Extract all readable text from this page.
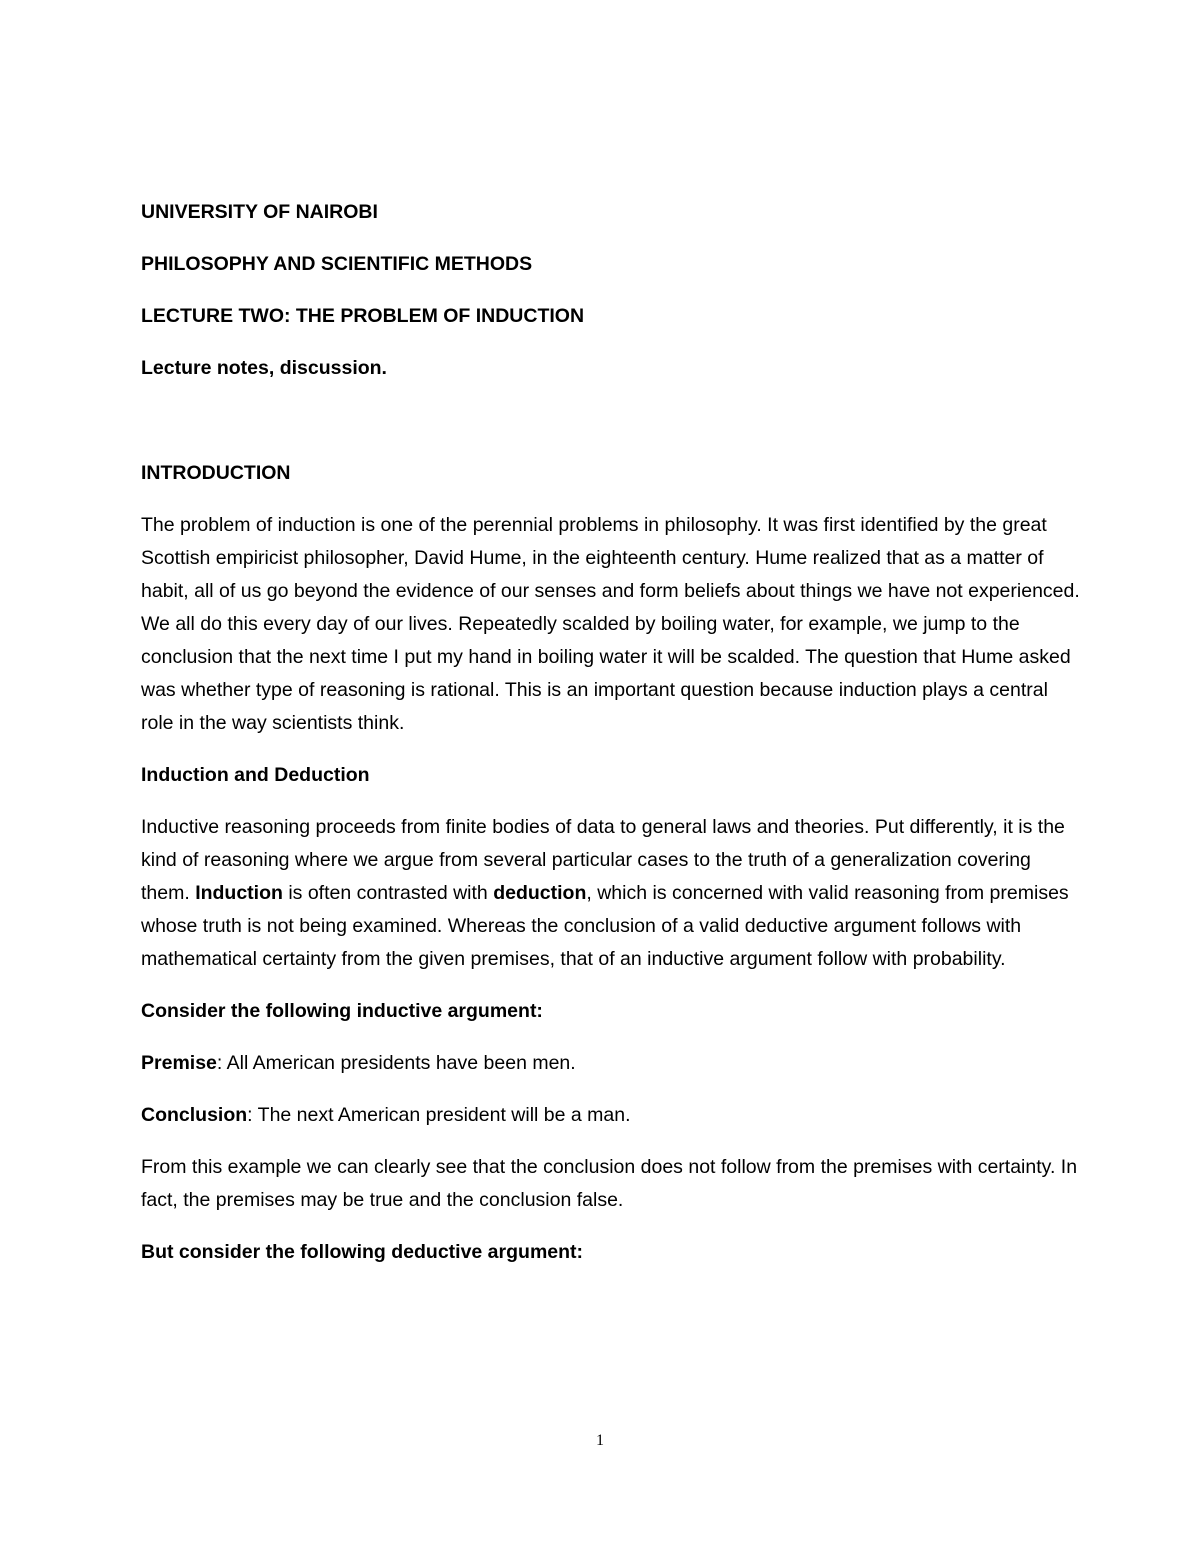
UNIVERSITY OF NAIROBI

PHILOSOPHY AND SCIENTIFIC METHODS

LECTURE TWO: THE PROBLEM OF INDUCTION

Lecture notes, discussion.

INTRODUCTION

The problem of induction is one of the perennial problems in philosophy. It was first identified by the great Scottish empiricist philosopher, David Hume, in the eighteenth century. Hume realized that as a matter of habit, all of us go beyond the evidence of our senses and form beliefs about things we have not experienced. We all do this every day of our lives. Repeatedly scalded by boiling water, for example, we jump to the conclusion that the next time I put my hand in boiling water it will be scalded. The question that Hume asked was whether type of reasoning is rational. This is an important question because induction plays a central role in the way scientists think.

Induction and Deduction

Inductive reasoning proceeds from finite bodies of data to general laws and theories. Put differently, it is the kind of reasoning where we argue from several particular cases to the truth of a generalization covering them. Induction is often contrasted with deduction, which is concerned with valid reasoning from premises whose truth is not being examined. Whereas the conclusion of a valid deductive argument follows with mathematical certainty from the given premises, that of an inductive argument follow with probability.

Consider the following inductive argument:

Premise: All American presidents have been men.

Conclusion: The next American president will be a man.

From this example we can clearly see that the conclusion does not follow from the premises with certainty. In fact, the premises may be true and the conclusion false.

But consider the following deductive argument:

1
